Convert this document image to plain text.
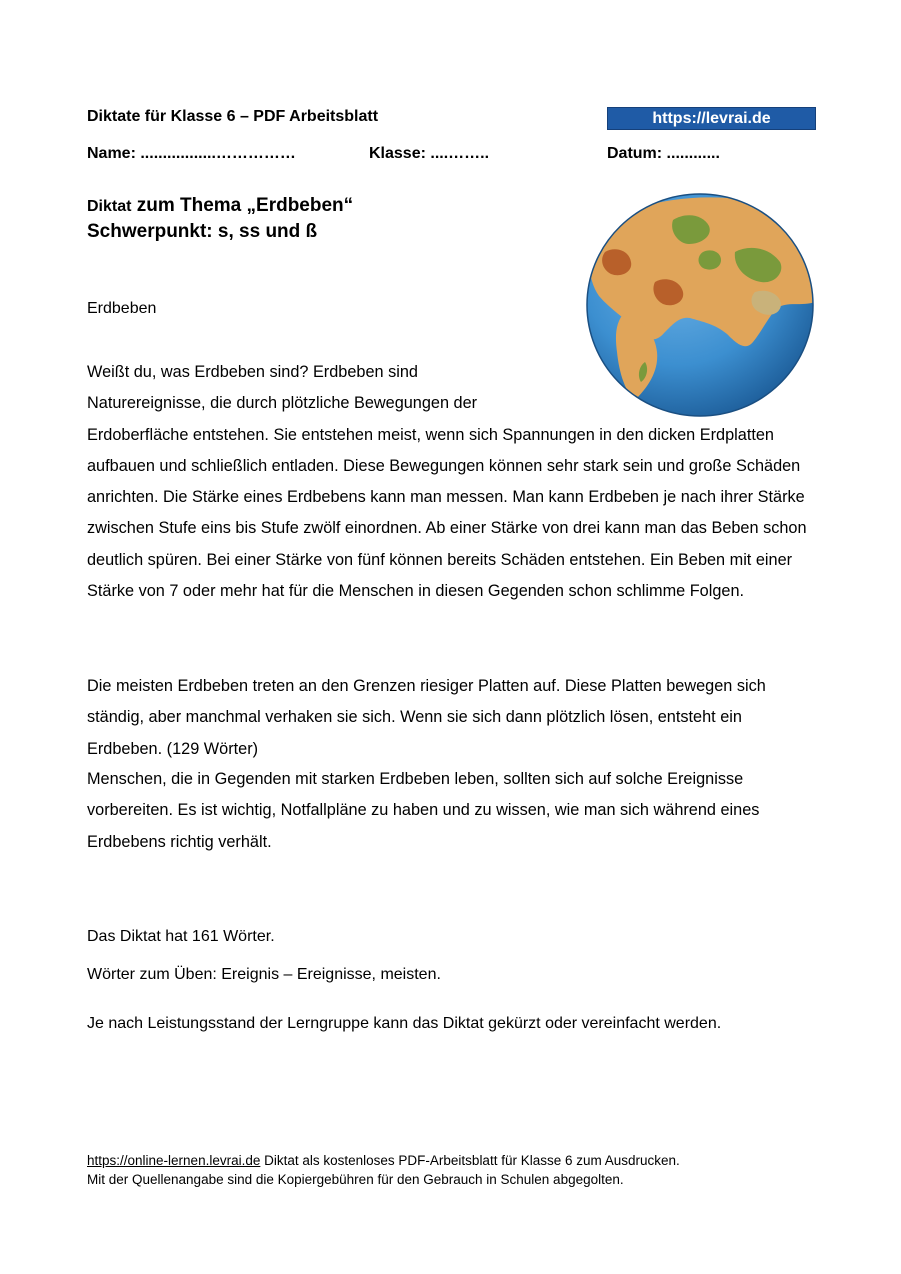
Diktate für Klasse 6 – PDF Arbeitsblatt	https://levrai.de
Name: .................……………	Klasse: ....……..	Datum: ............
Diktat zum Thema „Erdbeben“
Schwerpunkt: s, ss und ß
Erdbeben

Weißt du, was Erdbeben sind? Erdbeben sind Naturereignisse, die durch plötzliche Bewegungen der
Erdoberfläche entstehen. Sie entstehen meist, wenn sich Spannungen in den dicken Erdplatten aufbauen und schließlich entladen. Diese Bewegungen können sehr stark sein und große Schäden anrichten. Die Stärke eines Erdbebens kann man messen. Man kann Erdbeben je nach ihrer Stärke zwischen Stufe eins bis Stufe zwölf einordnen. Ab einer Stärke von drei kann man das Beben schon deutlich spüren. Bei einer Stärke von fünf können bereits Schäden entstehen. Ein Beben mit einer Stärke von 7 oder mehr hat für die Menschen in diesen Gegenden schon schlimme Folgen.

Die meisten Erdbeben treten an den Grenzen riesiger Platten auf. Diese Platten bewegen sich ständig, aber manchmal verhaken sie sich. Wenn sie sich dann plötzlich lösen, entsteht ein Erdbeben. (129 Wörter)

Menschen, die in Gegenden mit starken Erdbeben leben, sollten sich auf solche Ereignisse vorbereiten. Es ist wichtig, Notfallpläne zu haben und zu wissen, wie man sich während eines Erdbebens richtig verhält.

Das Diktat hat 161 Wörter.
Wörter zum Üben: Ereignis – Ereignisse, meisten.
Je nach Leistungsstand der Lerngruppe kann das Diktat gekürzt oder vereinfacht werden.
https://online-lernen.levrai.de Diktat als kostenloses PDF-Arbeitsblatt für Klasse 6 zum Ausdrucken.
Mit der Quellenangabe sind die Kopiergebühren für den Gebrauch in Schulen abgegolten.
